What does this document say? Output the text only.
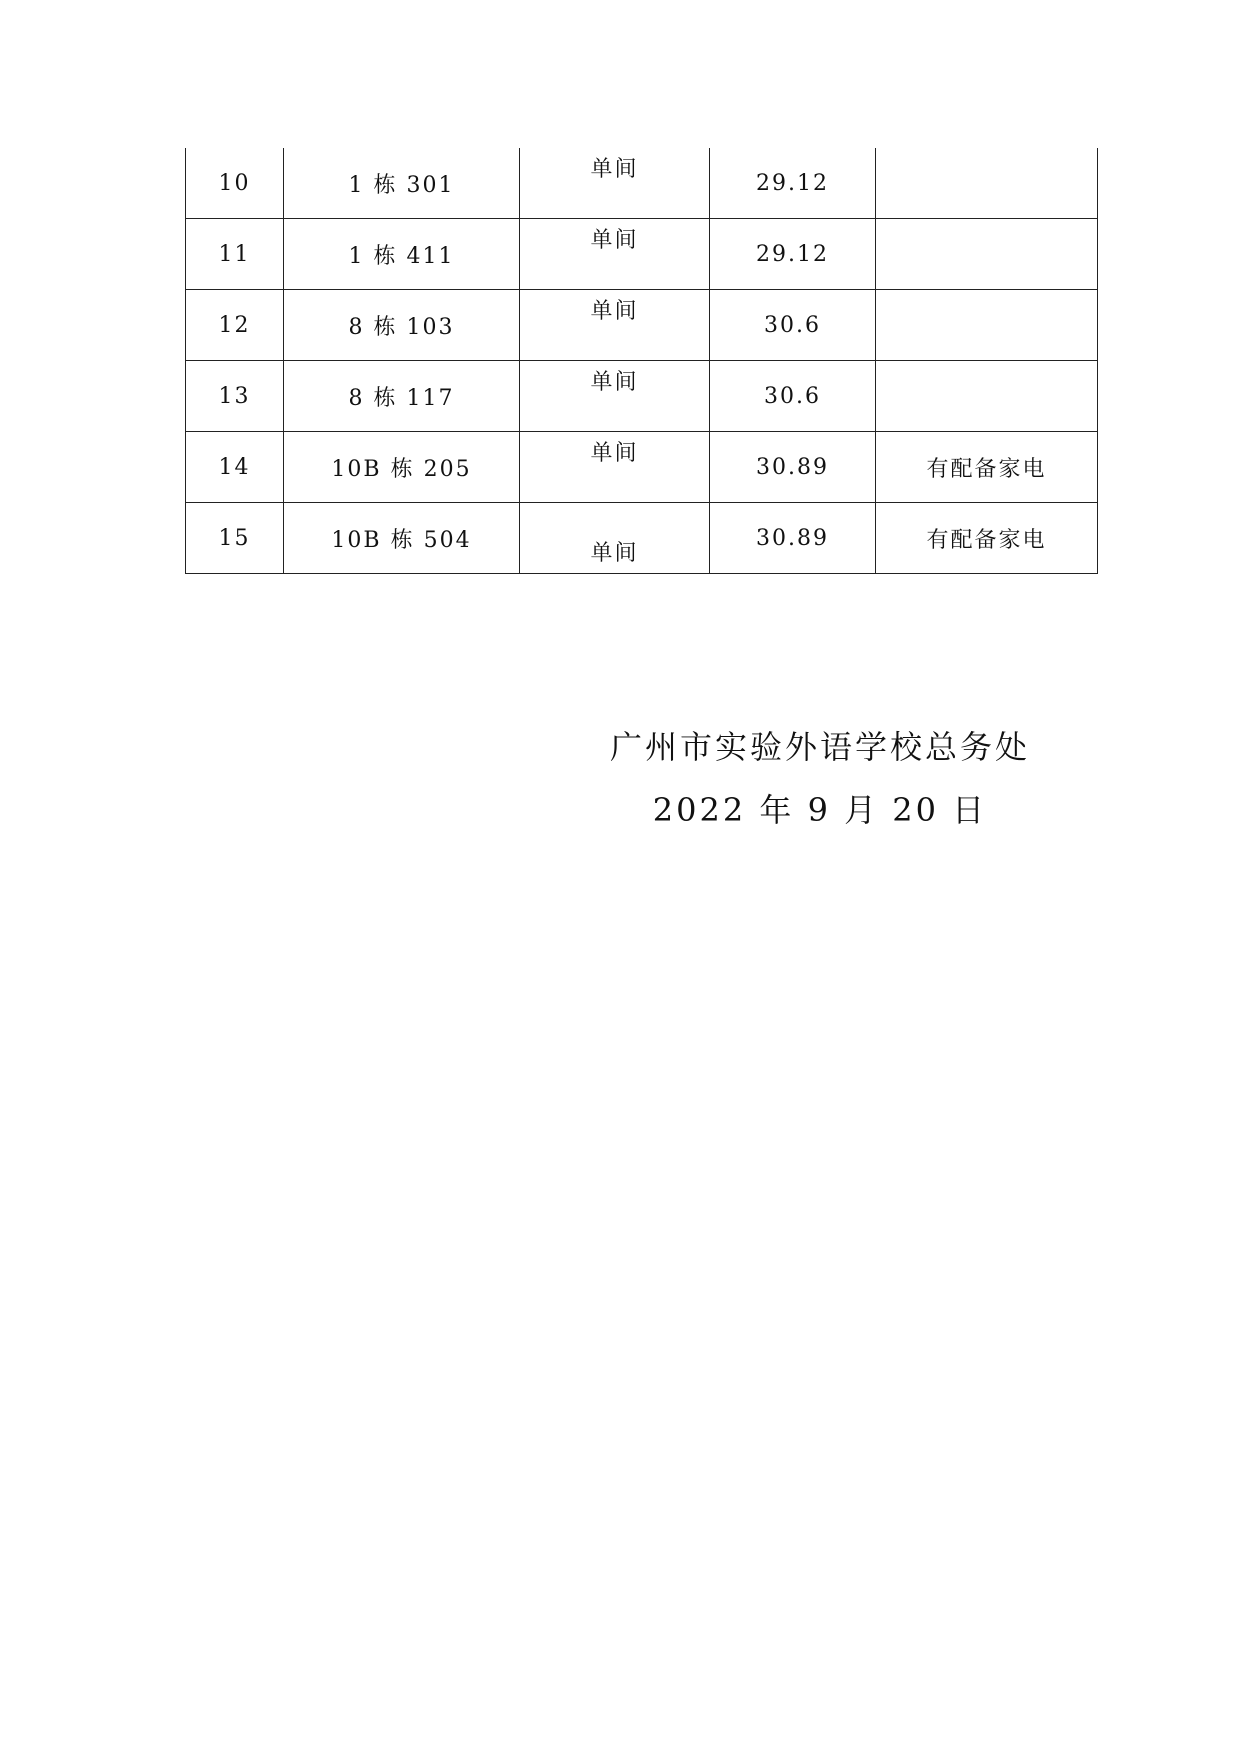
10	1 栋 301	单间	29.12	
11	1 栋 411	单间	29.12	
12	8 栋 103	单间	30.6	
13	8 栋 117	单间	30.6	
14	10B 栋 205	单间	30.89	有配备家电
15	10B 栋 504	单间	30.89	有配备家电
广州市实验外语学校总务处
2022 年 9 月 20 日
